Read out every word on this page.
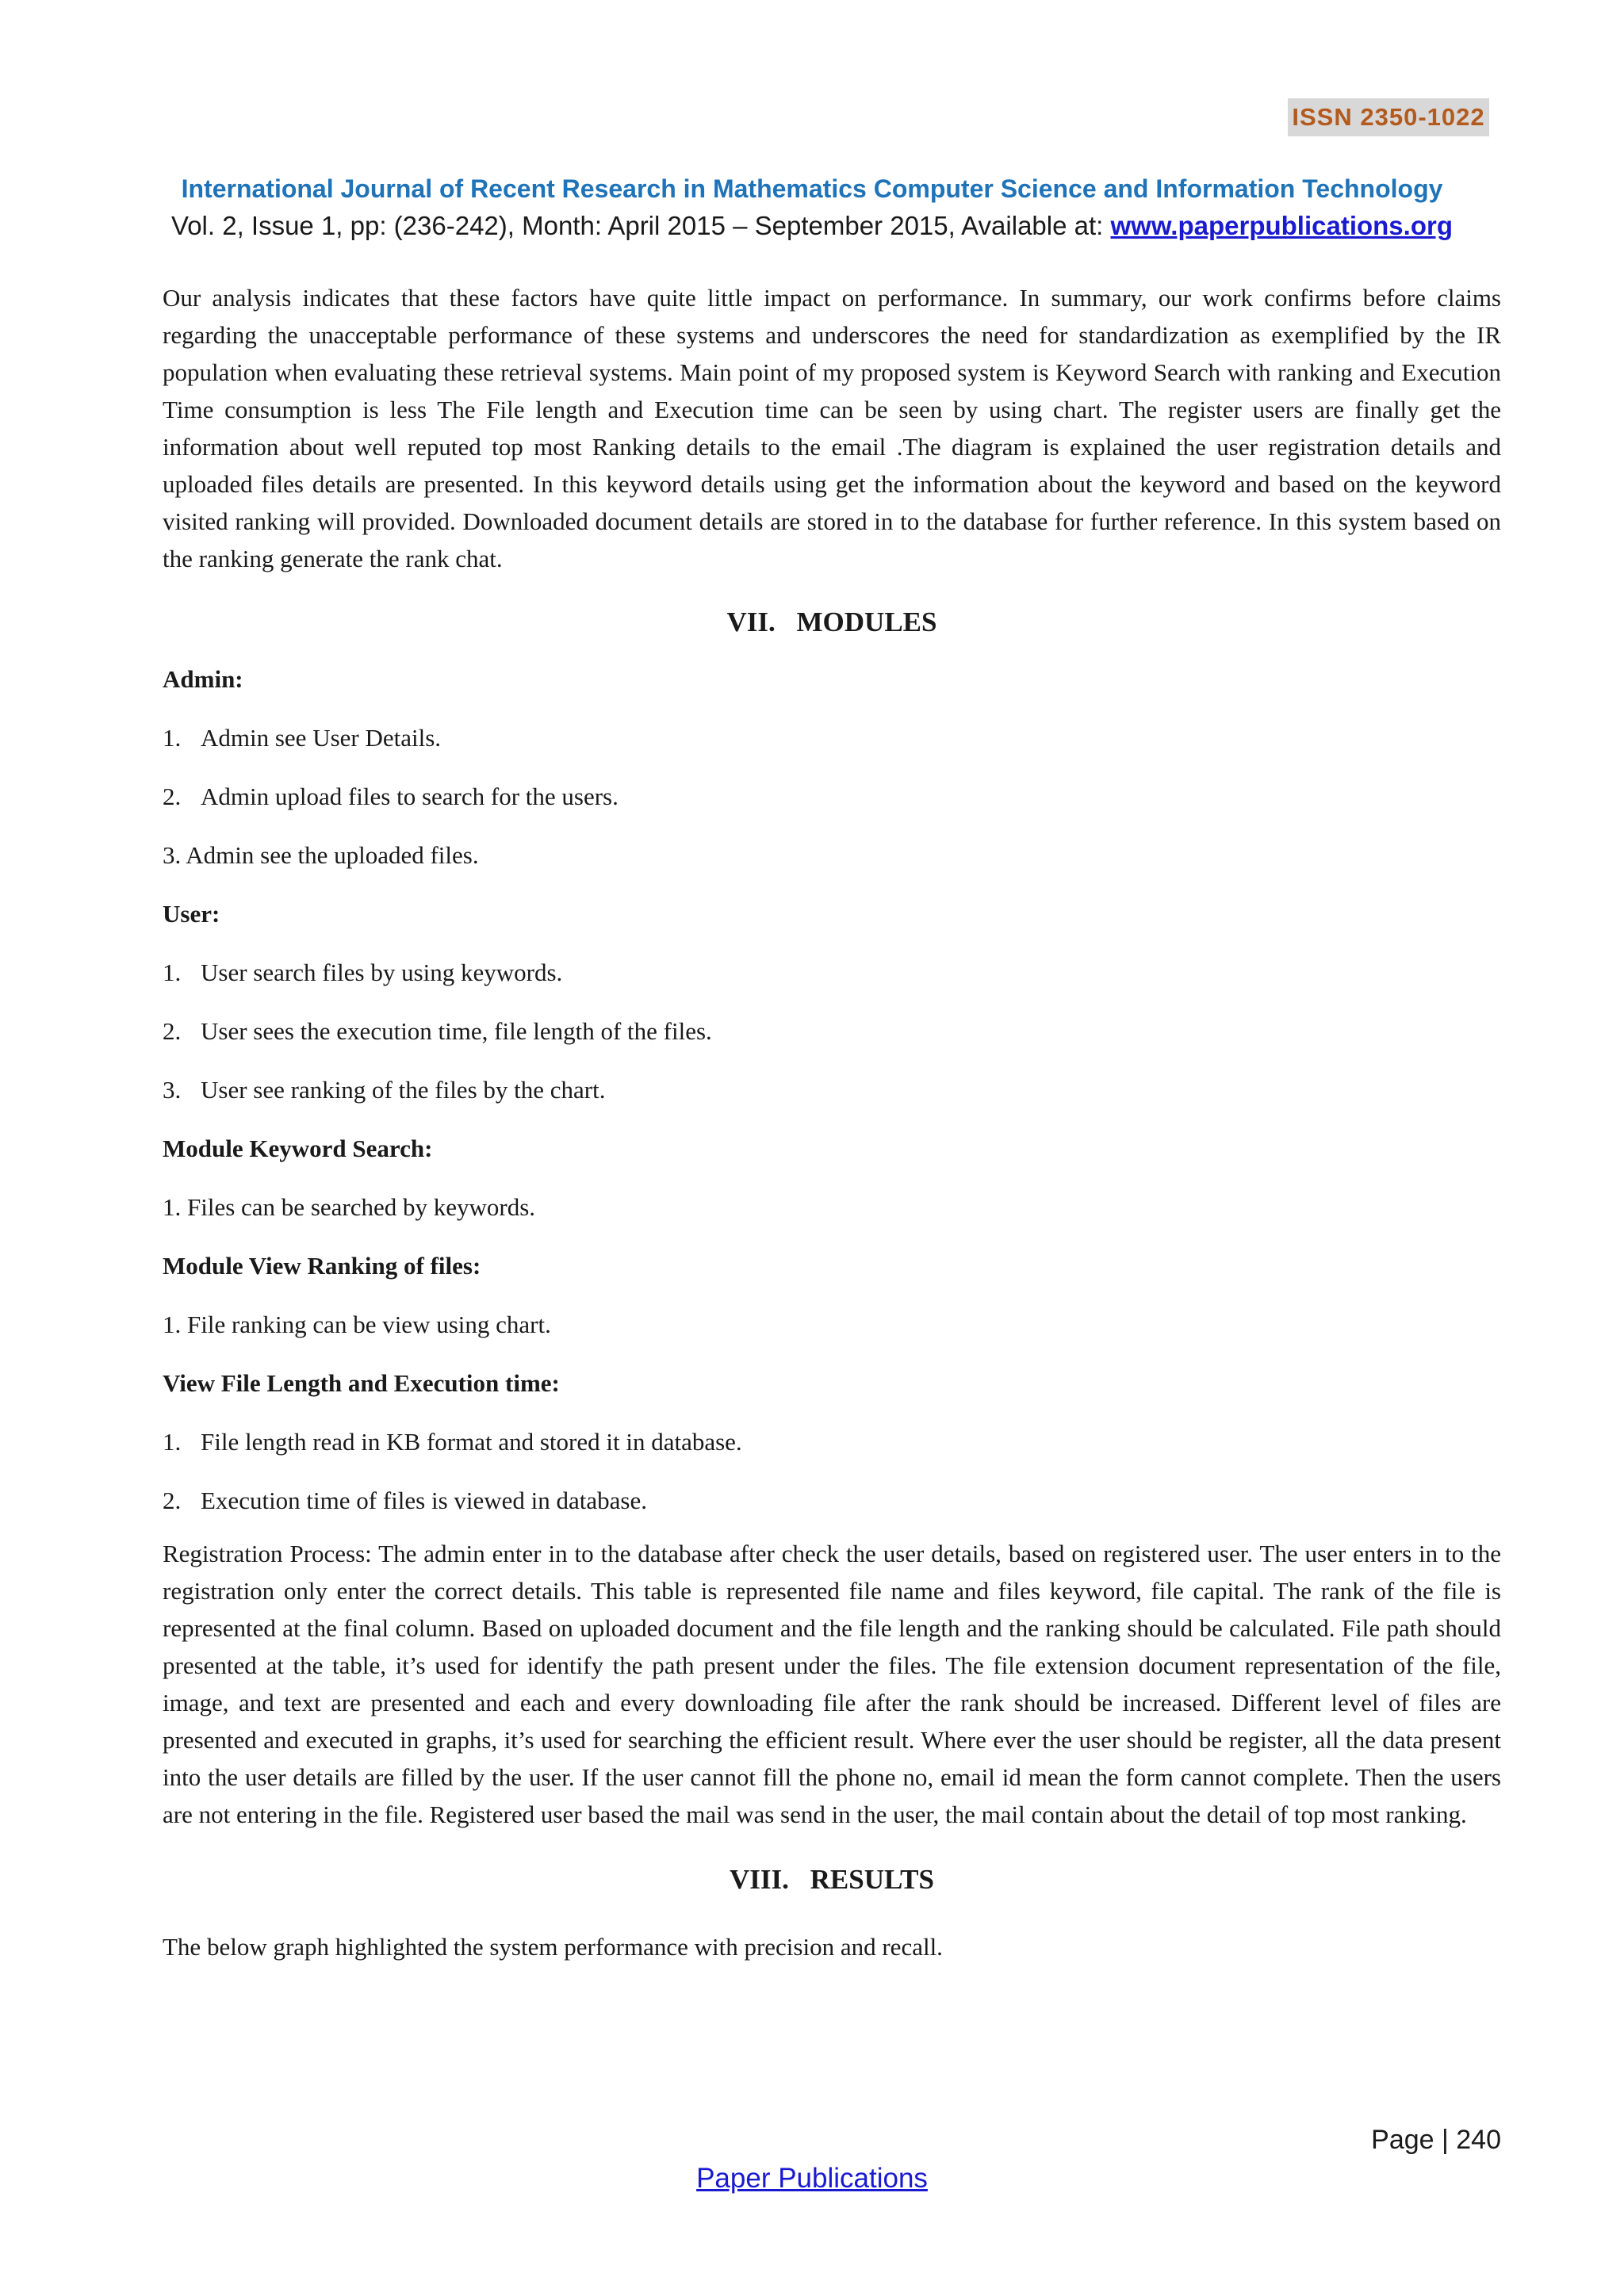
ISSN 2350-1022
International Journal of Recent Research in Mathematics Computer Science and Information Technology
Vol. 2, Issue 1, pp: (236-242), Month: April 2015 – September 2015, Available at: www.paperpublications.org

Our analysis indicates that these factors have quite little impact on performance. In summary, our work confirms before claims regarding the unacceptable performance of these systems and underscores the need for standardization as exemplified by the IR population when evaluating these retrieval systems. Main point of my proposed system is Keyword Search with ranking and Execution Time consumption is less The File length and Execution time can be seen by using chart. The register users are finally get the information about well reputed top most Ranking details to the email .The diagram is explained the user registration details and uploaded files details are presented. In this keyword details using get the information about the keyword and based on the keyword visited ranking will provided. Downloaded document details are stored in to the database for further reference. In this system based on the ranking generate the rank chat.

VII. MODULES
Admin:
1. Admin see User Details.
2. Admin upload files to search for the users.
3. Admin see the uploaded files.
User:
1. User search files by using keywords.
2. User sees the execution time, file length of the files.
3. User see ranking of the files by the chart.
Module Keyword Search:
1. Files can be searched by keywords.
Module View Ranking of files:
1. File ranking can be view using chart.
View File Length and Execution time:
1. File length read in KB format and stored it in database.
2. Execution time of files is viewed in database.

Registration Process: The admin enter in to the database after check the user details, based on registered user. The user enters in to the registration only enter the correct details. This table is represented file name and files keyword, file capital. The rank of the file is represented at the final column. Based on uploaded document and the file length and the ranking should be calculated. File path should presented at the table, it’s used for identify the path present under the files. The file extension document representation of the file, image, and text are presented and each and every downloading file after the rank should be increased. Different level of files are presented and executed in graphs, it’s used for searching the efficient result. Where ever the user should be register, all the data present into the user details are filled by the user. If the user cannot fill the phone no, email id mean the form cannot complete. Then the users are not entering in the file. Registered user based the mail was send in the user, the mail contain about the detail of top most ranking.

VIII. RESULTS

The below graph highlighted the system performance with precision and recall.

Page | 240
Paper Publications
